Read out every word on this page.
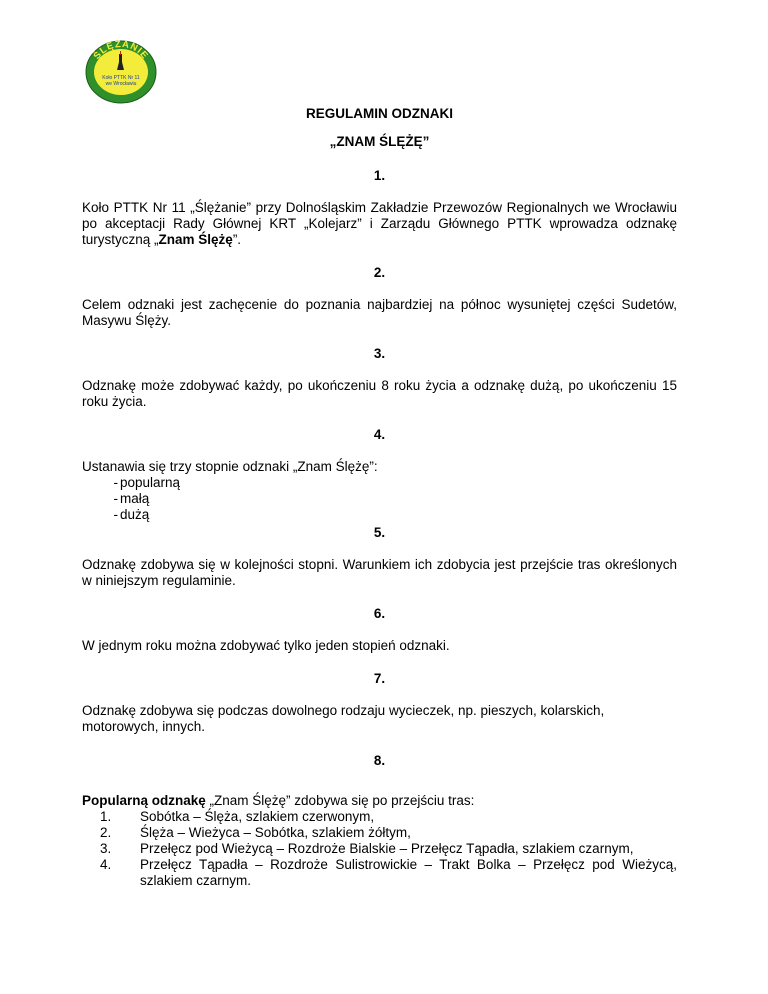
ŚLĘŻANIE
Koło PTTK Nr 11
we Wrocławiu
REGULAMIN ODZNAKI
„ZNAM ŚLĘŻĘ”
1.
Koło PTTK Nr 11 „Ślężanie” przy Dolnośląskim Zakładzie Przewozów Regionalnych we Wrocławiu po akceptacji Rady Głównej KRT „Kolejarz” i Zarządu Głównego PTTK wprowadza odznakę turystyczną „Znam Ślężę”.
2.
Celem odznaki jest zachęcenie do poznania najbardziej na północ wysuniętej części Sudetów, Masywu Ślęży.
3.
Odznakę może zdobywać każdy, po ukończeniu 8 roku życia a odznakę dużą, po ukończeniu 15 roku życia.
4.
Ustanawia się trzy stopnie odznaki „Znam Ślężę”:
- popularną
- małą
- dużą
5.
Odznakę zdobywa się w kolejności stopni. Warunkiem ich zdobycia jest przejście tras określonych w niniejszym regulaminie.
6.
W jednym roku można zdobywać tylko jeden stopień odznaki.
7.
Odznakę zdobywa się podczas dowolnego rodzaju wycieczek, np. pieszych, kolarskich, motorowych, innych.
8.
Popularną odznakę „Znam Ślężę” zdobywa się po przejściu tras:
1. Sobótka – Ślęża, szlakiem czerwonym,
2. Ślęża – Wieżyca – Sobótka, szlakiem żółtym,
3. Przełęcz pod Wieżycą – Rozdroże Bialskie – Przełęcz Tąpadła, szlakiem czarnym,
4. Przełęcz Tąpadła – Rozdroże Sulistrowickie – Trakt Bolka – Przełęcz pod Wieżycą, szlakiem czarnym.
